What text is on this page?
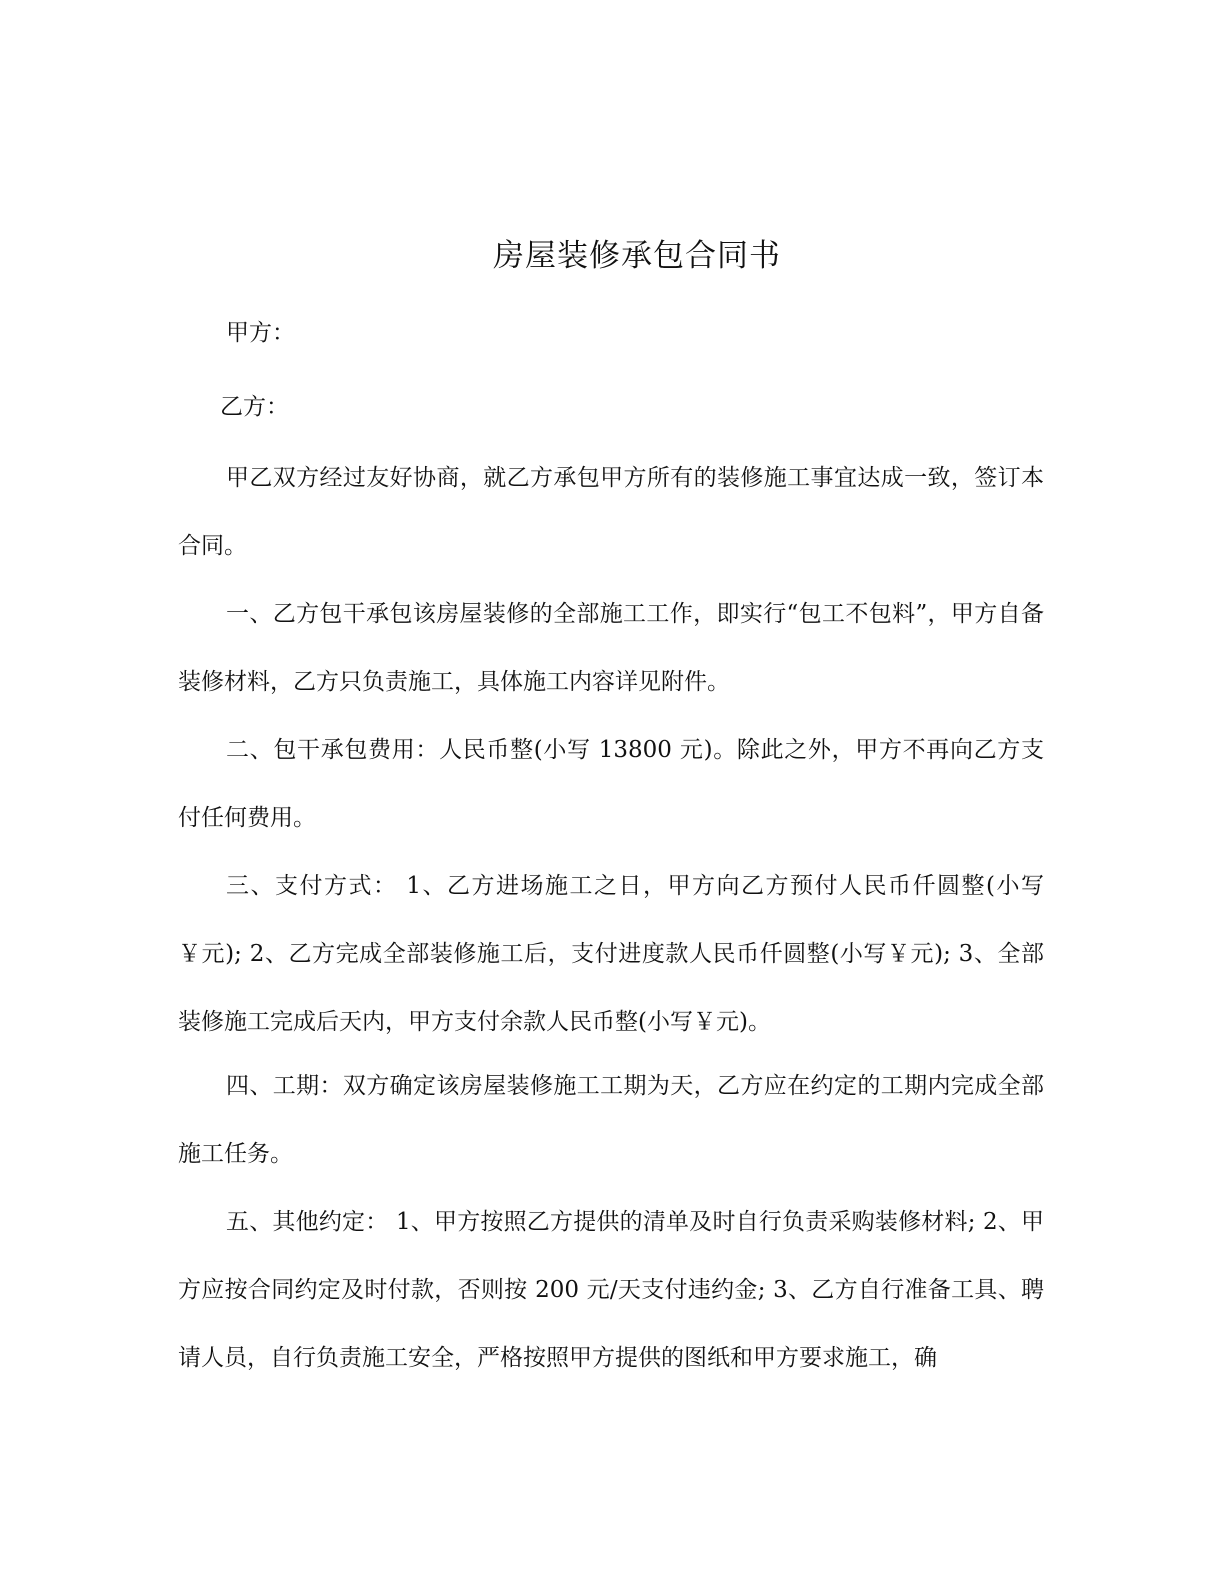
房屋装修承包合同书
甲方：
乙方：

甲乙双方经过友好协商，就乙方承包甲方所有的装修施工事宜达成一致，签订本合同。

一、乙方包干承包该房屋装修的全部施工工作，即实行“包工不包料”，甲方自备装修材料，乙方只负责施工，具体施工内容详见附件。

二、包干承包费用：人民币整(小写 13800 元)。除此之外，甲方不再向乙方支付任何费用。

三、支付方式： 1、乙方进场施工之日，甲方向乙方预付人民币仟圆整(小写￥元); 2、乙方完成全部装修施工后，支付进度款人民币仟圆整(小写￥元); 3、全部装修施工完成后天内，甲方支付余款人民币整(小写￥元)。

四、工期：双方确定该房屋装修施工工期为天，乙方应在约定的工期内完成全部施工任务。

五、其他约定： 1、甲方按照乙方提供的清单及时自行负责采购装修材料; 2、甲方应按合同约定及时付款，否则按 200 元/天支付违约金; 3、乙方自行准备工具、聘请人员，自行负责施工安全，严格按照甲方提供的图纸和甲方要求施工，确
